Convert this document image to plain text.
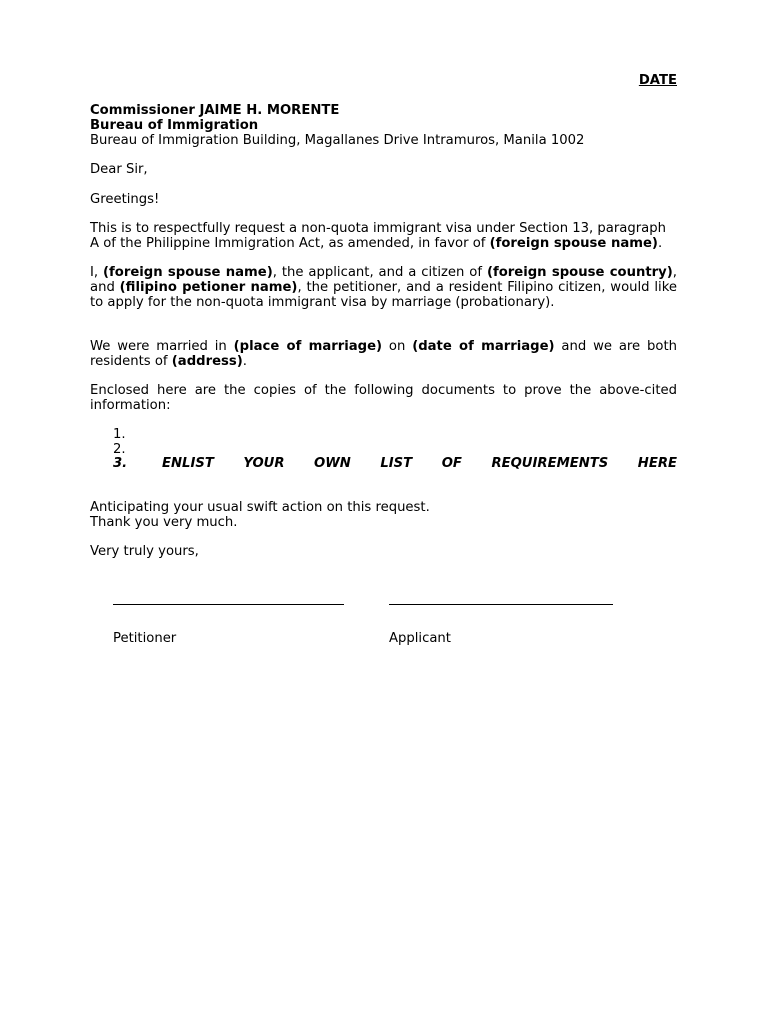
DATE
Commissioner JAIME H. MORENTE
Bureau of Immigration
Bureau of Immigration Building, Magallanes Drive Intramuros, Manila 1002
Dear Sir,
Greetings!

This is to respectfully request a non-quota immigrant visa under Section 13, paragraph A of the Philippine Immigration Act, as amended, in favor of (foreign spouse name).

I, (foreign spouse name), the applicant, and a citizen of (foreign spouse country), and (filipino petioner name), the petitioner, and a resident Filipino citizen, would like to apply for the non-quota immigrant visa by marriage (probationary).

We were married in (place of marriage) on (date of marriage) and we are both residents of (address).

Enclosed here are the copies of the following documents to prove the above-cited information:

1.
2.
3.	ENLIST YOUR OWN LIST OF REQUIREMENTS HERE
Anticipating your usual swift action on this request.
Thank you very much.
Very truly yours,
Petitioner	Applicant
